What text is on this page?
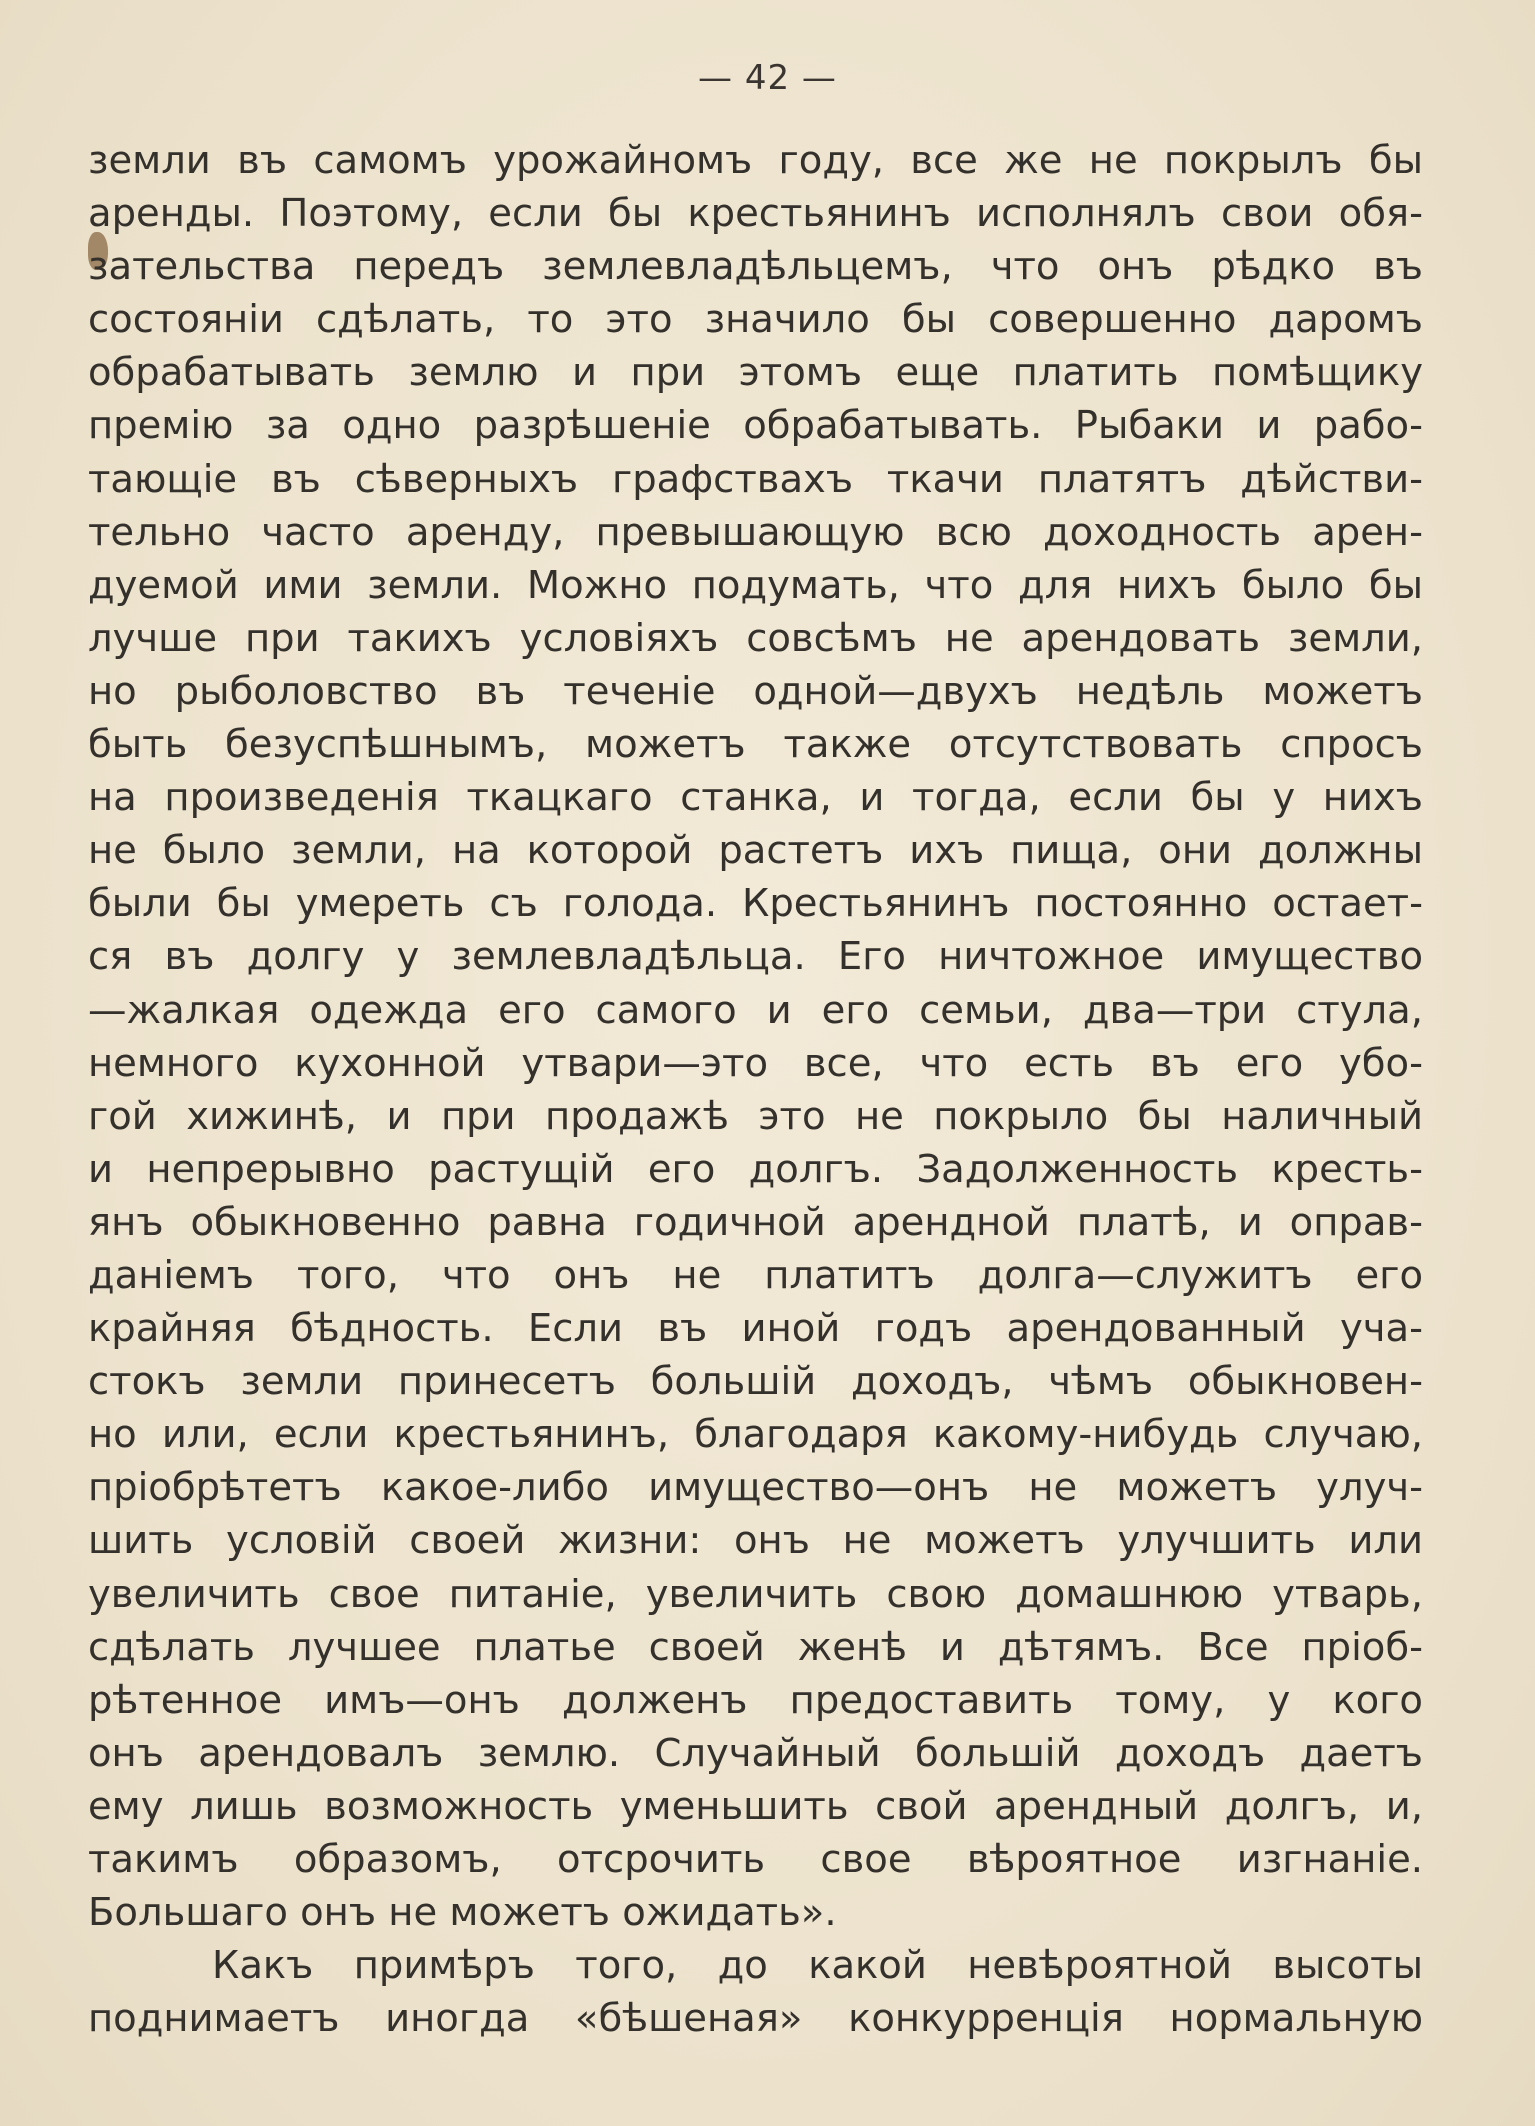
— 42 —
земли въ самомъ урожайномъ году, все же не покрылъ бы
аренды. Поэтому, если бы крестьянинъ исполнялъ свои обя-
зательства передъ землевладѣльцемъ, что онъ рѣдко въ
состоянiи сдѣлать, то это значило бы совершенно даромъ
обрабатывать землю и при этомъ еще платить помѣщику
премiю за одно разрѣшенiе обрабатывать. Рыбаки и рабо-
тающiе въ сѣверныхъ графствахъ ткачи платятъ дѣйстви-
тельно часто аренду, превышающую всю доходность арен-
дуемой ими земли. Можно подумать, что для нихъ было бы
лучше при такихъ условiяхъ совсѣмъ не арендовать земли,
но рыболовство въ теченiе одной—двухъ недѣль можетъ
быть безуспѣшнымъ, можетъ также отсутствовать спросъ
на произведенiя ткацкаго станка, и тогда, если бы у нихъ
не было земли, на которой растетъ ихъ пища, они должны
были бы умереть съ голода. Крестьянинъ постоянно остает-
ся въ долгу у землевладѣльца. Его ничтожное имущество
—жалкая одежда его самого и его семьи, два—три стула,
немного кухонной утвари—это все, что есть въ его убо-
гой хижинѣ, и при продажѣ это не покрыло бы наличный
и непрерывно растущiй его долгъ. Задолженность кресть-
янъ обыкновенно равна годичной арендной платѣ, и оправ-
данiемъ того, что онъ не платитъ долга—служитъ его
крайняя бѣдность. Если въ иной годъ арендованный уча-
стокъ земли принесетъ большiй доходъ, чѣмъ обыкновен-
но или, если крестьянинъ, благодаря какому-нибудь случаю,
прiобрѣтетъ какое-либо имущество—онъ не можетъ улуч-
шить условiй своей жизни: онъ не можетъ улучшить или
увеличить свое питанiе, увеличить свою домашнюю утварь,
сдѣлать лучшее платье своей женѣ и дѣтямъ. Все прiоб-
рѣтенное имъ—онъ долженъ предоставить тому, у кого
онъ арендовалъ землю. Случайный большiй доходъ даетъ
ему лишь возможность уменьшить свой арендный долгъ, и,
такимъ образомъ, отсрочить свое вѣроятное изгнанiе.
Большаго онъ не можетъ ожидать».
Какъ примѣръ того, до какой невѣроятной высоты
поднимаетъ иногда «бѣшеная» конкурренцiя нормальную
